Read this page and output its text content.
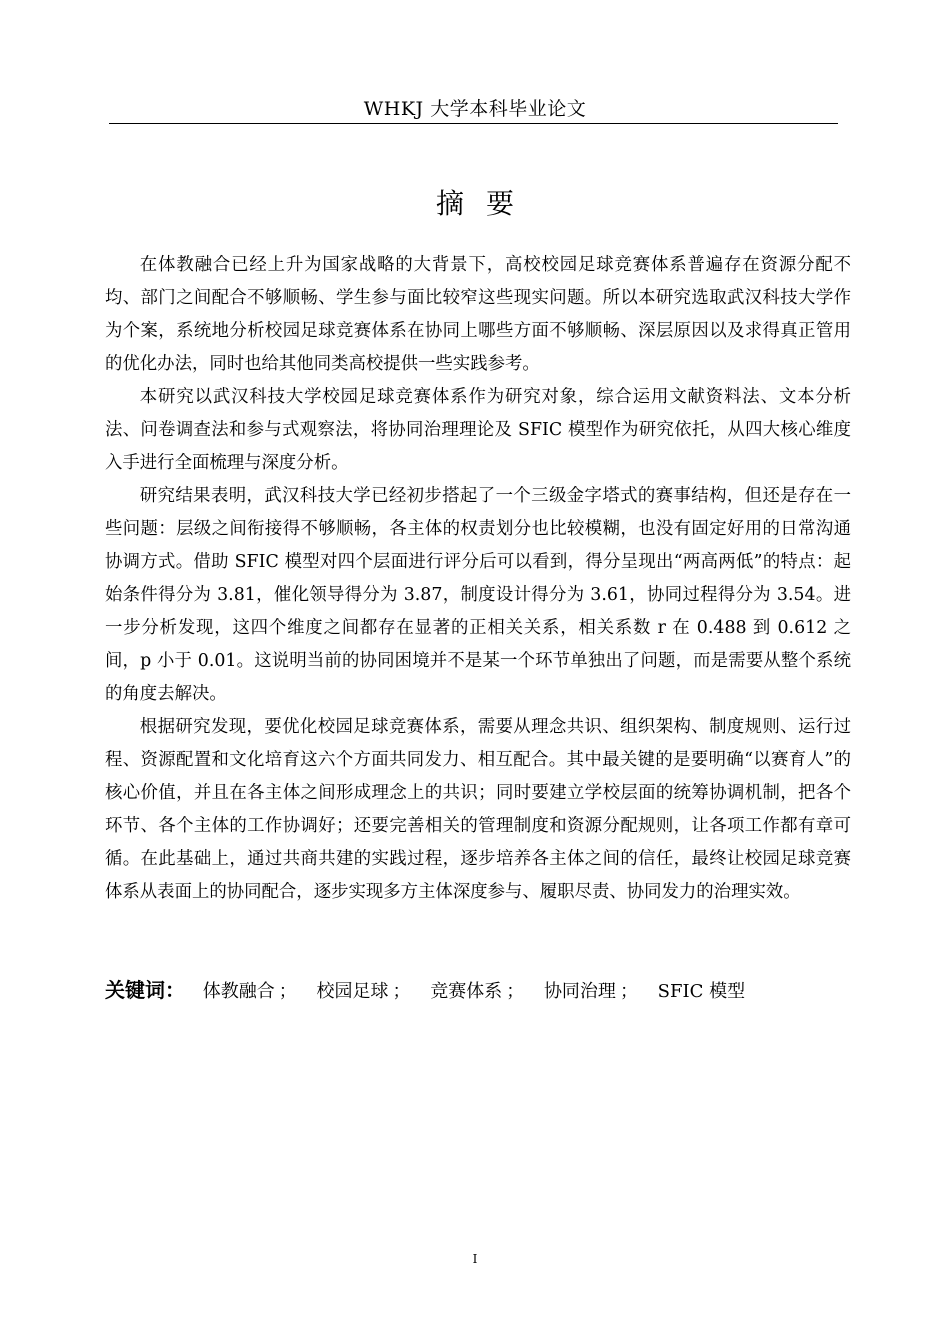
WHKJ 大学本科毕业论文
摘要

在体教融合已经上升为国家战略的大背景下，高校校园足球竞赛体系普遍存在资源分配不均、部门之间配合不够顺畅、学生参与面比较窄这些现实问题。所以本研究选取武汉科技大学作为个案，系统地分析校园足球竞赛体系在协同上哪些方面不够顺畅、深层原因以及求得真正管用的优化办法，同时也给其他同类高校提供一些实践参考。

本研究以武汉科技大学校园足球竞赛体系作为研究对象，综合运用文献资料法、文本分析法、问卷调查法和参与式观察法，将协同治理理论及 SFIC 模型作为研究依托，从四大核心维度入手进行全面梳理与深度分析。

研究结果表明，武汉科技大学已经初步搭起了一个三级金字塔式的赛事结构，但还是存在一些问题：层级之间衔接得不够顺畅，各主体的权责划分也比较模糊，也没有固定好用的日常沟通协调方式。借助 SFIC 模型对四个层面进行评分后可以看到，得分呈现出“两高两低”的特点：起始条件得分为 3.81，催化领导得分为 3.87，制度设计得分为 3.61，协同过程得分为 3.54。进一步分析发现，这四个维度之间都存在显著的正相关关系，相关系数 r 在 0.488 到 0.612 之间，p 小于 0.01。这说明当前的协同困境并不是某一个环节单独出了问题，而是需要从整个系统的角度去解决。

根据研究发现，要优化校园足球竞赛体系，需要从理念共识、组织架构、制度规则、运行过程、资源配置和文化培育这六个方面共同发力、相互配合。其中最关键的是要明确“以赛育人”的核心价值，并且在各主体之间形成理念上的共识；同时要建立学校层面的统筹协调机制，把各个环节、各个主体的工作协调好；还要完善相关的管理制度和资源分配规则，让各项工作都有章可循。在此基础上，通过共商共建的实践过程，逐步培养各主体之间的信任，最终让校园足球竞赛体系从表面上的协同配合，逐步实现多方主体深度参与、履职尽责、协同发力的治理实效。

关键词： 体教融合 ； 校园足球 ； 竞赛体系 ； 协同治理 ； SFIC 模型
I
